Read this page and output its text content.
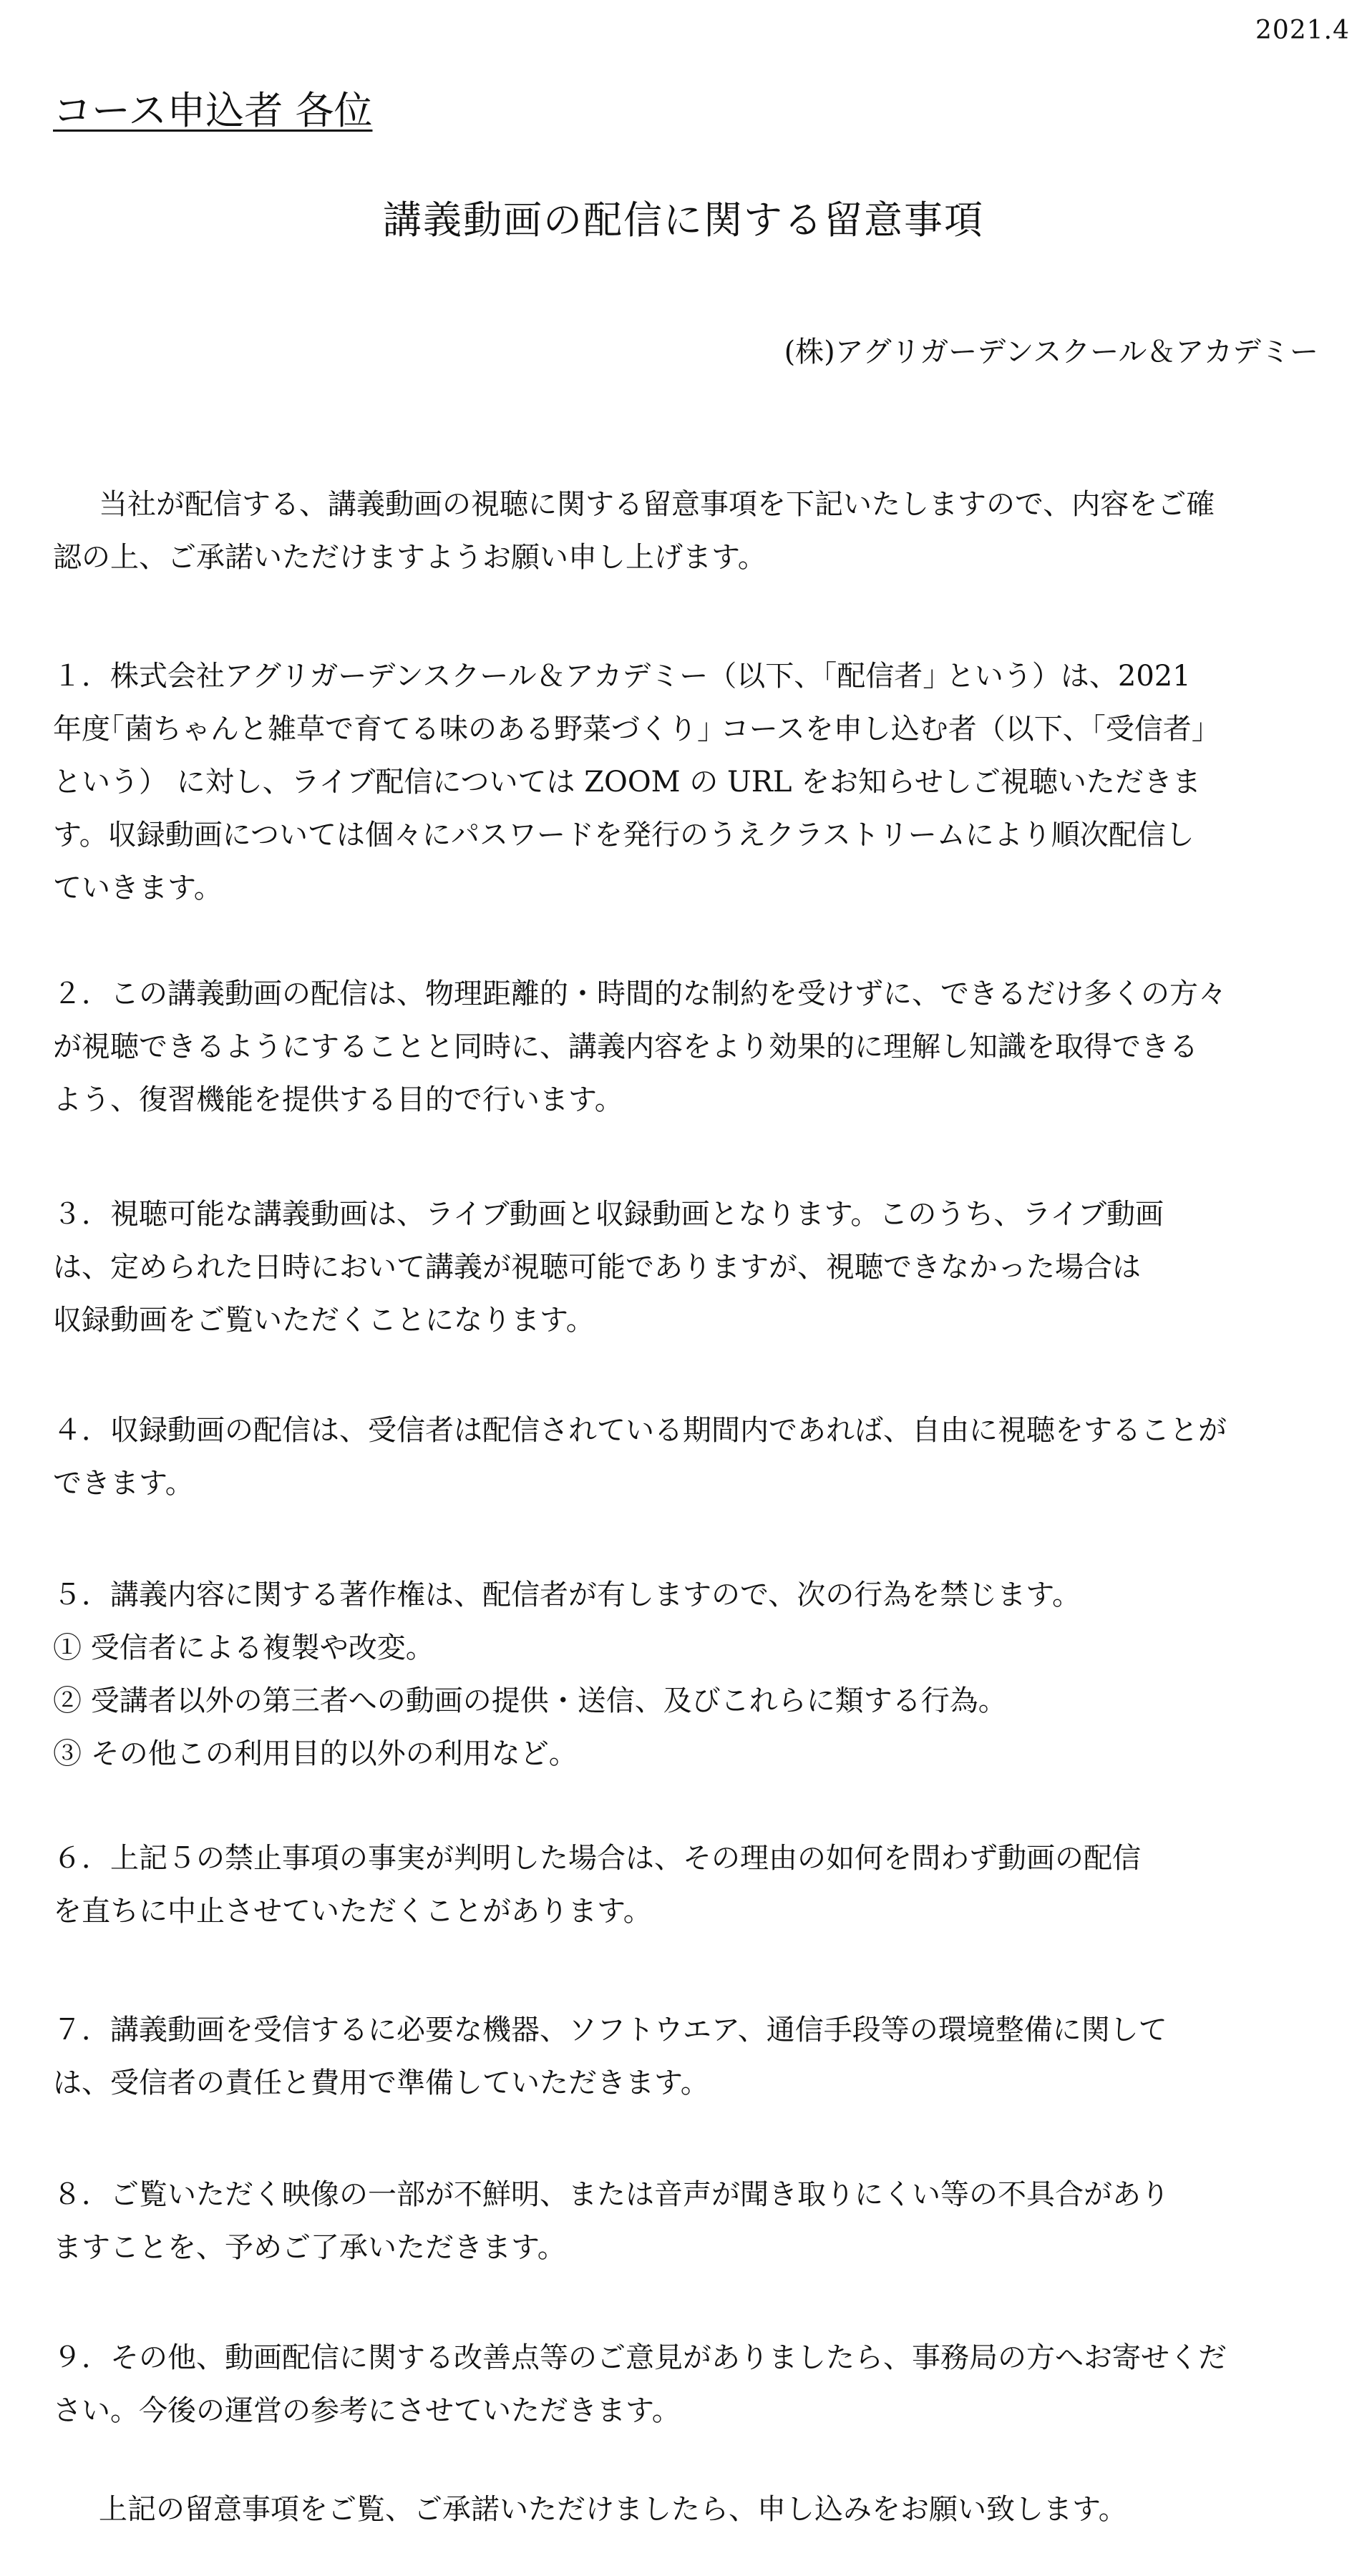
2021.4
コース申込者 各位
講義動画の配信に関する留意事項
(株)アグリガーデンスクール＆アカデミー
当社が配信する、講義動画の視聴に関する留意事項を下記いたしますので、内容をご確
認の上、ご承諾いただけますようお願い申し上げます。
１．株式会社アグリガーデンスクール＆アカデミー（以下、｢配信者｣ という）は、2021
年度｢菌ちゃんと雑草で育てる味のある野菜づくり｣ コースを申し込む者（以下、｢受信者｣
という） に対し、ライブ配信については ZOOM の URL をお知らせしご視聴いただきま
す。収録動画については個々にパスワードを発行のうえクラストリームにより順次配信し
ていきます。
２．この講義動画の配信は、物理距離的・時間的な制約を受けずに、できるだけ多くの方々
が視聴できるようにすることと同時に、講義内容をより効果的に理解し知識を取得できる
よう、復習機能を提供する目的で行います。
３．視聴可能な講義動画は、ライブ動画と収録動画となります。このうち、ライブ動画
は、定められた日時において講義が視聴可能でありますが、視聴できなかった場合は
収録動画をご覧いただくことになります。
４．収録動画の配信は、受信者は配信されている期間内であれば、自由に視聴をすることが
できます。
５．講義内容に関する著作権は、配信者が有しますので、次の行為を禁じます。
① 受信者による複製や改変。
② 受講者以外の第三者への動画の提供・送信、及びこれらに類する行為。
③ その他この利用目的以外の利用など。
６．上記５の禁止事項の事実が判明した場合は、その理由の如何を問わず動画の配信
を直ちに中止させていただくことがあります。
７．講義動画を受信するに必要な機器、ソフトウエア、通信手段等の環境整備に関して
は、受信者の責任と費用で準備していただきます。
８．ご覧いただく映像の一部が不鮮明、または音声が聞き取りにくい等の不具合があり
ますことを、予めご了承いただきます。
９．その他、動画配信に関する改善点等のご意見がありましたら、事務局の方へお寄せくだ
さい。今後の運営の参考にさせていただきます。
上記の留意事項をご覧、ご承諾いただけましたら、申し込みをお願い致します。
